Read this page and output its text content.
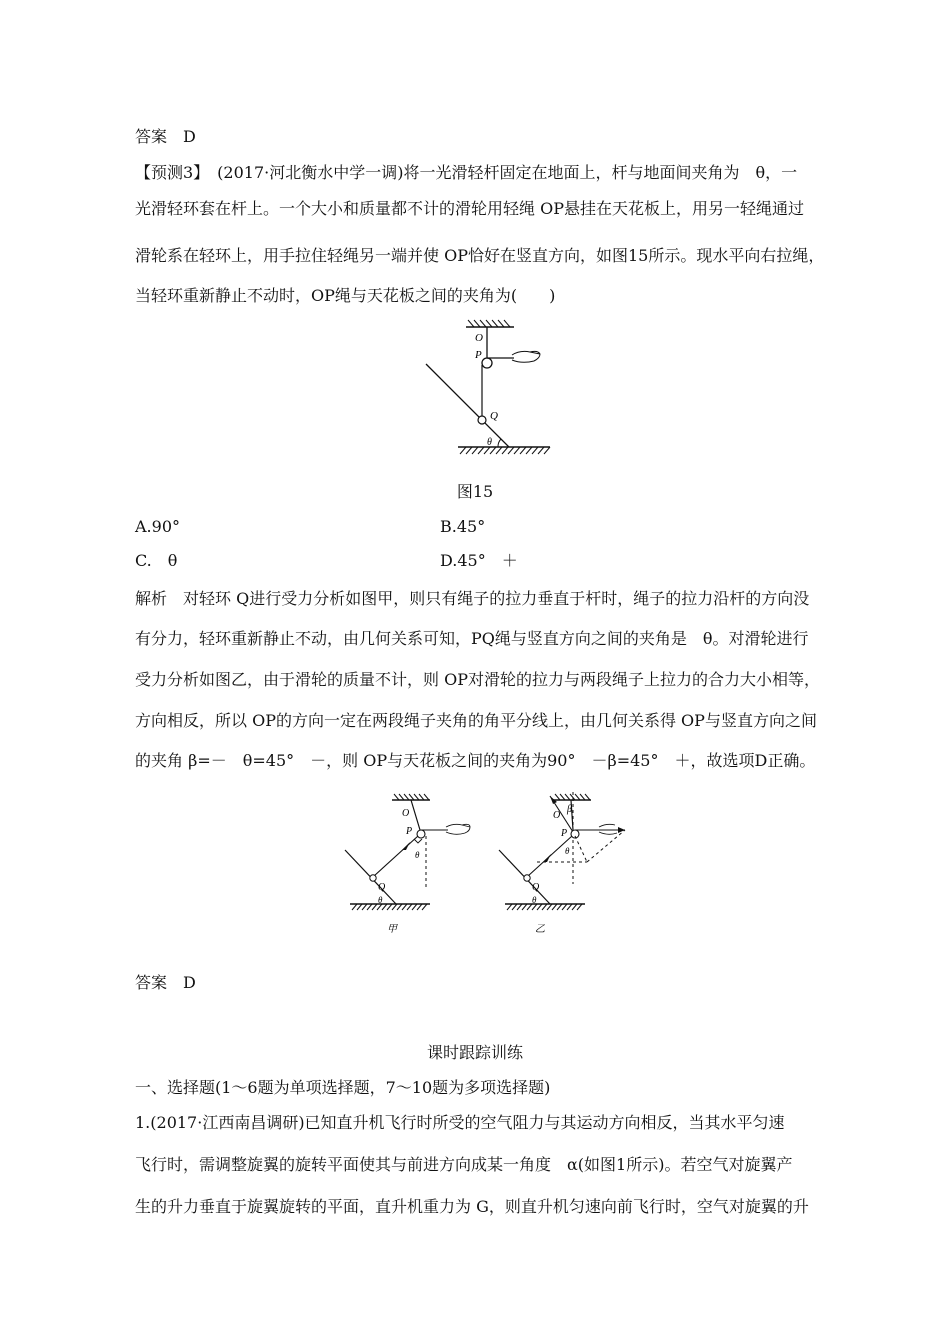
答案　D
【预测3】　(2017·河北衡水中学一调)将一光滑轻杆固定在地面上，杆与地面间夹角为　θ，一
光滑轻环套在杆上。一个大小和质量都不计的滑轮用轻绳 OP悬挂在天花板上，用另一轻绳通过
滑轮系在轻环上，用手拉住轻绳另一端并使 OP恰好在竖直方向，如图15所示。现水平向右拉绳，
当轻环重新静止不动时，OP绳与天花板之间的夹角为(　　)
O
P
Q
θ
图15
A.90°	B.45°
C.　θ	D.45°　＋
解析　对轻环 Q进行受力分析如图甲，则只有绳子的拉力垂直于杆时，绳子的拉力沿杆的方向没
有分力，轻环重新静止不动，由几何关系可知，PQ绳与竖直方向之间的夹角是　θ。对滑轮进行
受力分析如图乙，由于滑轮的质量不计，则 OP对滑轮的拉力与两段绳子上拉力的合力大小相等，
方向相反，所以 OP的方向一定在两段绳子夹角的角平分线上，由几何关系得 OP与竖直方向之间
的夹角 β=－　θ=45°　－，则 OP与天花板之间的夹角为90°　－β=45°　＋，故选项D正确。
O
P
Q
θ
θ
甲
O
β
P
Q
θ
θ
乙
答案　D
课时跟踪训练
一、选择题(1～6题为单项选择题，7～10题为多项选择题)
1.(2017·江西南昌调研)已知直升机飞行时所受的空气阻力与其运动方向相反，当其水平匀速
飞行时，需调整旋翼的旋转平面使其与前进方向成某一角度　α(如图1所示)。若空气对旋翼产
生的升力垂直于旋翼旋转的平面，直升机重力为 G，则直升机匀速向前飞行时，空气对旋翼的升
